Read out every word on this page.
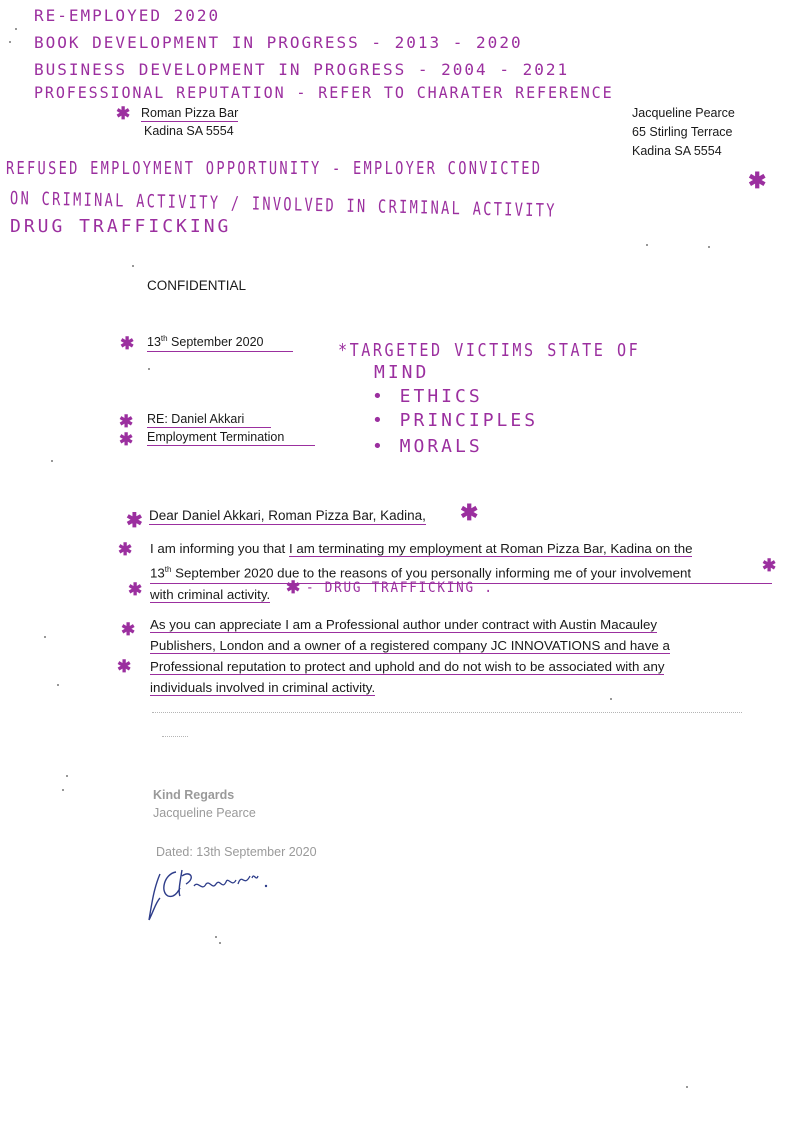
RE-EMPLOYED 2020
BOOK DEVELOPMENT IN PROGRESS - 2013 - 2020
BUSINESS DEVELOPMENT IN PROGRESS - 2004 - 2021
PROFESSIONAL REPUTATION - REFER TO CHARATER REFERENCE
✱ Roman Pizza Bar
Kadina SA 5554
Jacqueline Pearce
65 Stirling Terrace
Kadina SA 5554
REFUSED EMPLOYMENT OPPORTUNITY - EMPLOYER CONVICTED	✱
ON CRIMINAL ACTIVITY / INVOLVED IN CRIMINAL ACTIVITY
DRUG TRAFFICKING
CONFIDENTIAL
✱ 13th September 2020	*TARGETED VICTIMS STATE OF
MIND
• ETHICS
• PRINCIPLES
• MORALS
✱ RE: Daniel Akkari
✱ Employment Termination
✱ Dear Daniel Akkari, Roman Pizza Bar, Kadina, ✱
✱ I am informing you that I am terminating my employment at Roman Pizza Bar, Kadina on the
13th September 2020 due to the reasons of you personally informing me of your involvement
with criminal activity.
✱
✱	✱ - DRUG TRAFFICKING .
✱
✱
As you can appreciate I am a Professional author under contract with Austin Macauley
Publishers, London and a owner of a registered company JC INNOVATIONS and have a
Professional reputation to protect and uphold and do not wish to be associated with any
individuals involved in criminal activity.
Kind Regards
Jacqueline Pearce
Dated: 13th September 2020
